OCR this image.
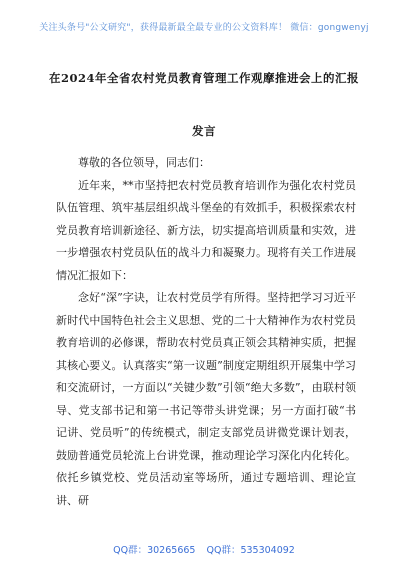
关注头条号"公文研究"，获得最新最全最专业的公文资料库！ 微信：gongwenyj
在2024年全省农村党员教育管理工作观摩推进会上的汇报
发言

尊敬的各位领导，同志们：

近年来，**市坚持把农村党员教育培训作为强化农村党员队伍管理、筑牢基层组织战斗堡垒的有效抓手，积极探索农村党员教育培训新途径、新方法，切实提高培训质量和实效，进一步增强农村党员队伍的战斗力和凝聚力。现将有关工作进展情况汇报如下：

念好“深”字诀，让农村党员学有所得。坚持把学习习近平新时代中国特色社会主义思想、党的二十大精神作为农村党员教育培训的必修课，帮助农村党员真正领会其精神实质，把握其核心要义。认真落实“第一议题”制度定期组织开展集中学习和交流研讨，一方面以“关键少数”引领“绝大多数”，由联村领导、党支部书记和第一书记等带头讲党课；另一方面打破“书记讲、党员听”的传统模式，制定支部党员讲微党课计划表，鼓励普通党员轮流上台讲党课，推动理论学习深化内化转化。依托乡镇党校、党员活动室等场所，通过专题培训、理论宣讲、研

QQ群：30265665 QQ群：535304092
